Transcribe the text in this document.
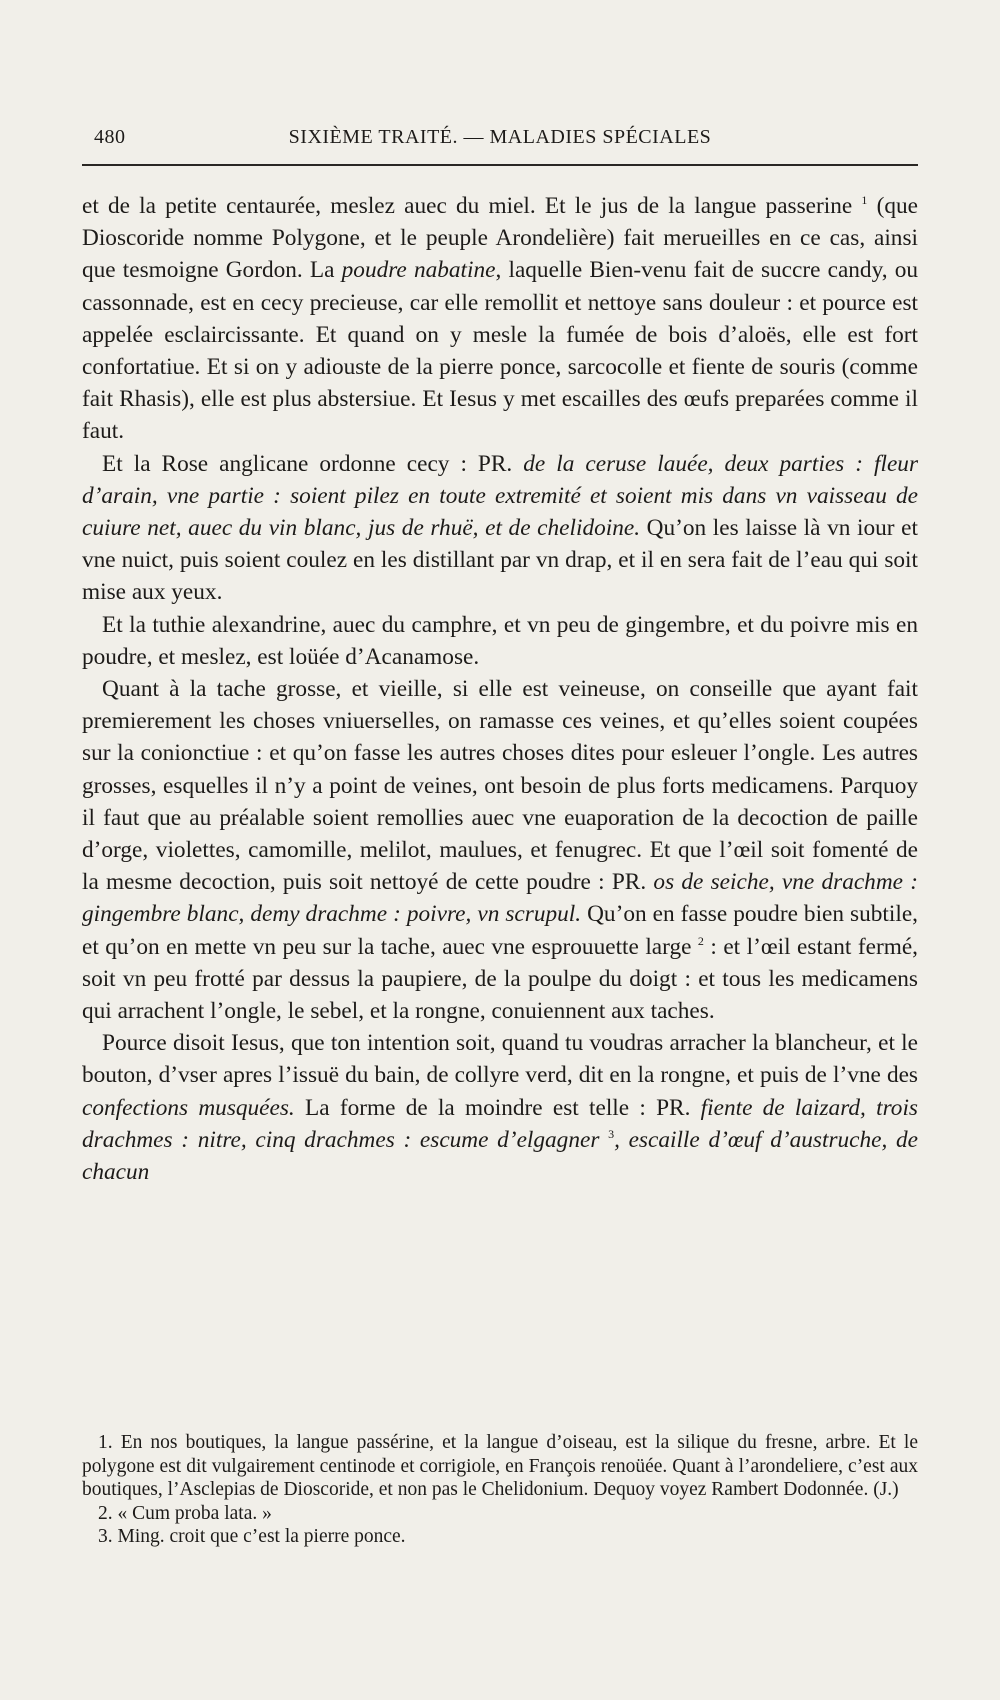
480	SIXIÈME TRAITÉ. — MALADIES SPÉCIALES

et de la petite centaurée, meslez auec du miel. Et le jus de la langue passerine $^1$ (que Dioscoride nomme Polygone, et le peuple Arondelière) fait merueilles en ce cas, ainsi que tesmoigne Gordon. La poudre nabatine, laquelle Bien-venu fait de succre candy, ou cassonnade, est en cecy precieuse, car elle remollit et nettoye sans douleur : et pource est appelée esclaircissante. Et quand on y mesle la fumée de bois d’aloës, elle est fort confortatiue. Et si on y adiouste de la pierre ponce, sarcocolle et fiente de souris (comme fait Rhasis), elle est plus abstersiue. Et Iesus y met escailles des œufs preparées comme il faut.

Et la Rose anglicane ordonne cecy : PR. de la ceruse lauée, deux parties : fleur d’arain, vne partie : soient pilez en toute extremité et soient mis dans vn vaisseau de cuiure net, auec du vin blanc, jus de rhuë, et de chelidoine. Qu’on les laisse là vn iour et vne nuict, puis soient coulez en les distillant par vn drap, et il en sera fait de l’eau qui soit mise aux yeux.

Et la tuthie alexandrine, auec du camphre, et vn peu de gingembre, et du poivre mis en poudre, et meslez, est loüée d’Acanamose.

Quant à la tache grosse, et vieille, si elle est veineuse, on conseille que ayant fait premierement les choses vniuerselles, on ramasse ces veines, et qu’elles soient coupées sur la conionctiue : et qu’on fasse les autres choses dites pour esleuer l’ongle. Les autres grosses, esquelles il n’y a point de veines, ont besoin de plus forts medicamens. Parquoy il faut que au préalable soient remollies auec vne euaporation de la decoction de paille d’orge, violettes, camomille, melilot, maulues, et fenugrec. Et que l’œil soit fomenté de la mesme decoction, puis soit nettoyé de cette poudre : PR. os de seiche, vne drachme : gingembre blanc, demy drachme : poivre, vn scrupul. Qu’on en fasse poudre bien subtile, et qu’on en mette vn peu sur la tache, auec vne esprouuette large $^2$ : et l’œil estant fermé, soit vn peu frotté par dessus la paupiere, de la poulpe du doigt : et tous les medicamens qui arrachent l’ongle, le sebel, et la rongne, conuiennent aux taches.

Pource disoit Iesus, que ton intention soit, quand tu voudras arracher la blancheur, et le bouton, d’vser apres l’issuë du bain, de collyre verd, dit en la rongne, et puis de l’vne des confections musquées. La forme de la moindre est telle : PR. fiente de laizard, trois drachmes : nitre, cinq drachmes : escume d’elgagner $^3$, escaille d’œuf d’austruche, de chacun

1. En nos boutiques, la langue passérine, et la langue d’oiseau, est la silique du fresne, arbre. Et le polygone est dit vulgairement centinode et corrigiole, en François renoüée. Quant à l’arondeliere, c’est aux boutiques, l’Asclepias de Dioscoride, et non pas le Chelidonium. Dequoy voyez Rambert Dodonnée. (J.)

2. « Cum proba lata. »

3. Ming. croit que c’est la pierre ponce.
